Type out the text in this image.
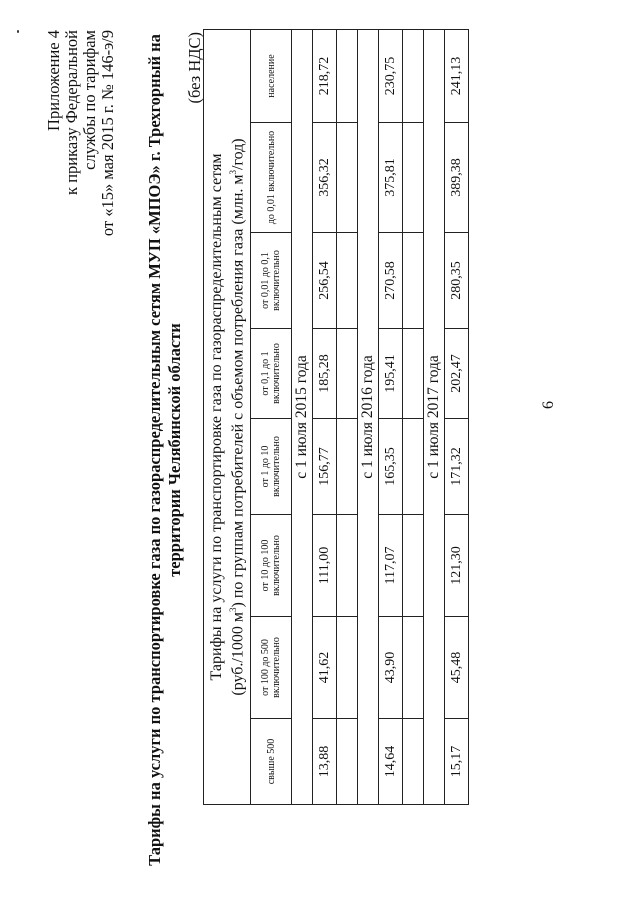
Приложение 4 к приказу Федеральной службы по тарифам от «15» мая 2015 г. № 146-э/9 Тарифы на услуги по транспортировке газа по газораспределительным сетям МУП «МПОЭ» г. Трехгорный на территории Челябинской области
(без НДС)
Тарифы на услуги по транспортировке газа по газораспределительным сетям (руб./1000 $м^3$) по группам потребителей с объемом потребления газа (млн. $м^3/год$)							

свыше 500	от 100 до 500 включительно	от 10 до 100 включительно	от 1 до 10 включительно	от 0,1 до 1 включительно	от 0,01 до 0,1 включительно	до 0,01 включительно	население
с 1 июля 2015 года							
13,88	41,62	111,00	156,77	185,28	256,54	356,32	218,72

с 1 июля 2016 года							
14,64	43,90	117,07	165,35	195,41	270,58	375,81	230,75

с 1 июля 2017 года							
15,17	45,48	121,30	171,32	202,47	280,35	389,38	241,13
6
